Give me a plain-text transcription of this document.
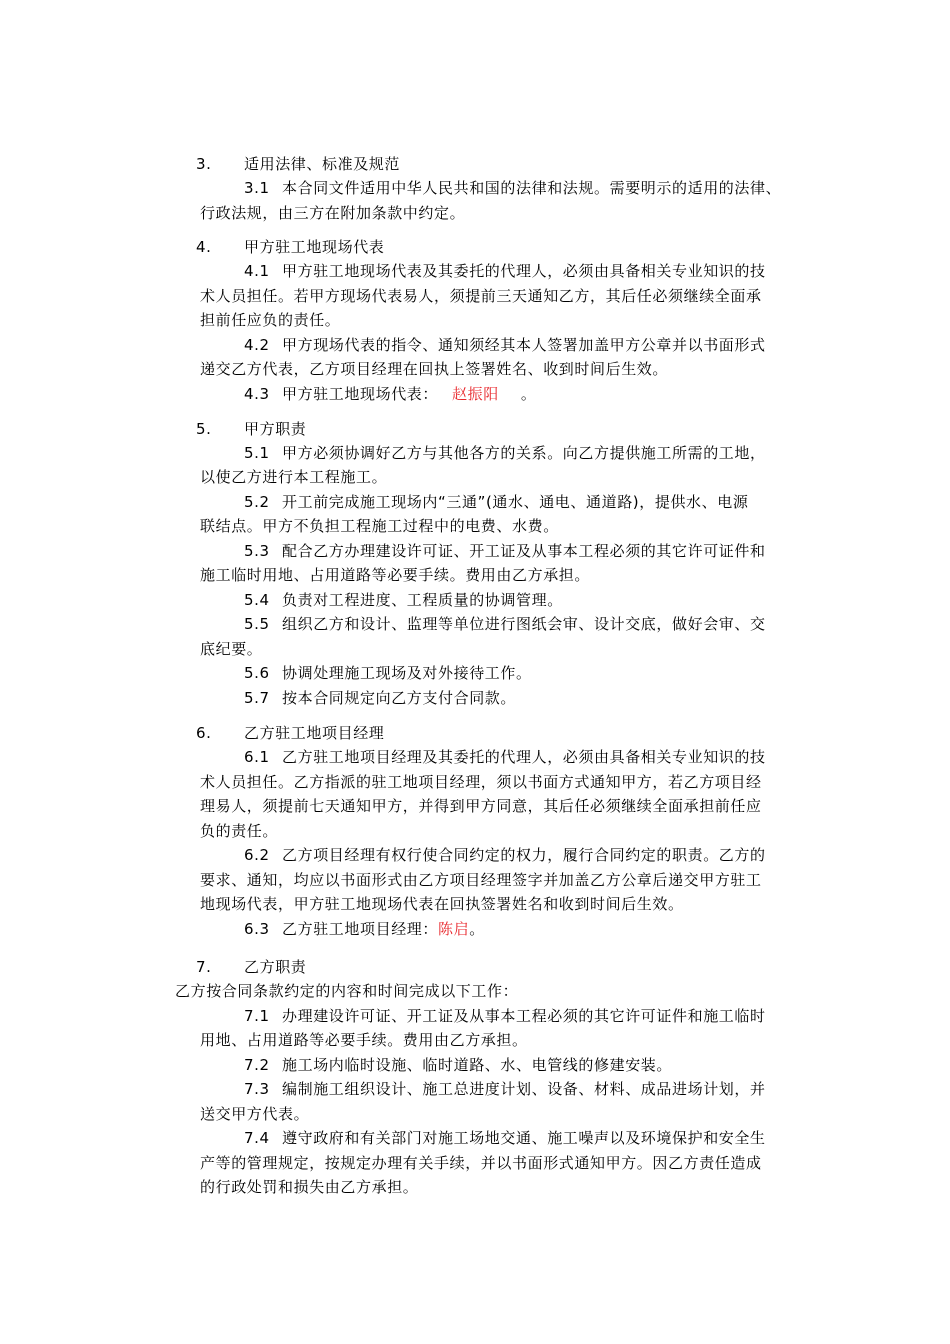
3. 适用法律、标准及规范
3.1 本合同文件适用中华人民共和国的法律和法规。需要明示的适用的法律、
行政法规，由三方在附加条款中约定。
4. 甲方驻工地现场代表
4.1 甲方驻工地现场代表及其委托的代理人，必须由具备相关专业知识的技
术人员担任。若甲方现场代表易人，须提前三天通知乙方，其后任必须继续全面承
担前任应负的责任。
4.2 甲方现场代表的指令、通知须经其本人签署加盖甲方公章并以书面形式
递交乙方代表，乙方项目经理在回执上签署姓名、收到时间后生效。
4.3 甲方驻工地现场代表： 赵振阳 。
5. 甲方职责
5.1 甲方必须协调好乙方与其他各方的关系。向乙方提供施工所需的工地，
以使乙方进行本工程施工。
5.2 开工前完成施工现场内“三通”(通水、通电、通道路)，提供水、电源
联结点。甲方不负担工程施工过程中的电费、水费。
5.3 配合乙方办理建设许可证、开工证及从事本工程必须的其它许可证件和
施工临时用地、占用道路等必要手续。费用由乙方承担。
5.4 负责对工程进度、工程质量的协调管理。
5.5 组织乙方和设计、监理等单位进行图纸会审、设计交底，做好会审、交
底纪要。
5.6 协调处理施工现场及对外接待工作。
5.7 按本合同规定向乙方支付合同款。
6. 乙方驻工地项目经理
6.1 乙方驻工地项目经理及其委托的代理人，必须由具备相关专业知识的技
术人员担任。乙方指派的驻工地项目经理，须以书面方式通知甲方，若乙方项目经
理易人，须提前七天通知甲方，并得到甲方同意，其后任必须继续全面承担前任应
负的责任。
6.2 乙方项目经理有权行使合同约定的权力，履行合同约定的职责。乙方的
要求、通知，均应以书面形式由乙方项目经理签字并加盖乙方公章后递交甲方驻工
地现场代表，甲方驻工地现场代表在回执签署姓名和收到时间后生效。
6.3 乙方驻工地项目经理：陈启。
7. 乙方职责
乙方按合同条款约定的内容和时间完成以下工作：
7.1 办理建设许可证、开工证及从事本工程必须的其它许可证件和施工临时
用地、占用道路等必要手续。费用由乙方承担。
7.2 施工场内临时设施、临时道路、水、电管线的修建安装。
7.3 编制施工组织设计、施工总进度计划、设备、材料、成品进场计划，并
送交甲方代表。
7.4 遵守政府和有关部门对施工场地交通、施工噪声以及环境保护和安全生
产等的管理规定，按规定办理有关手续，并以书面形式通知甲方。因乙方责任造成
的行政处罚和损失由乙方承担。
